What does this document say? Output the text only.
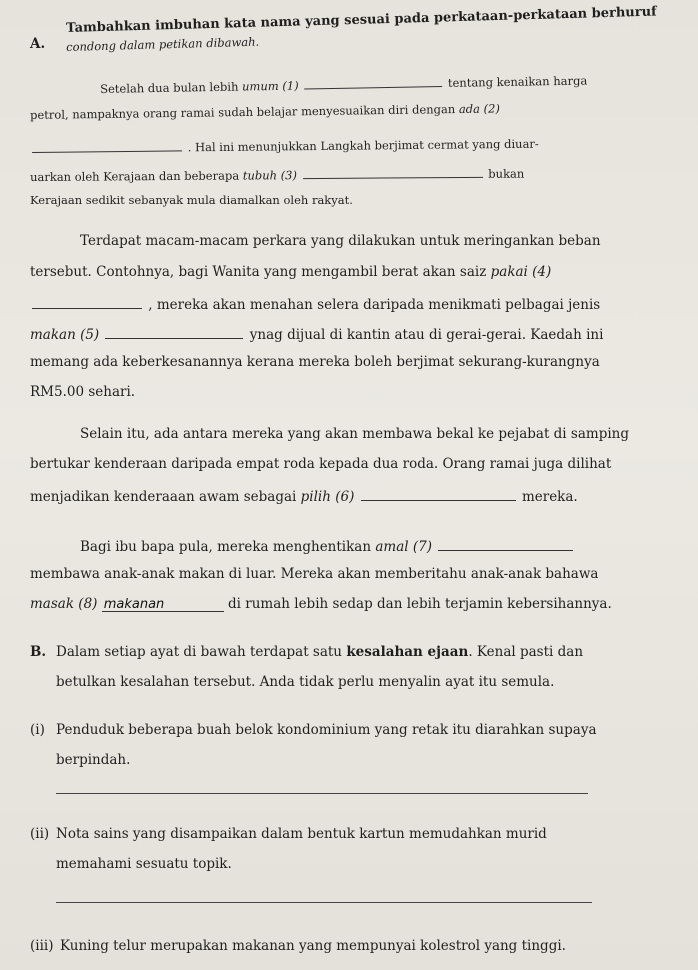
A.
Tambahkan imbuhan kata nama yang sesuai pada perkataan-perkataan berhuruf
condong dalam petikan dibawah.
Setelah dua bulan lebih umum (1)	tentang kenaikan harga
petrol, nampaknya orang ramai sudah belajar menyesuaikan diri dengan ada (2)
. Hal ini menunjukkan Langkah berjimat cermat yang diuar-
uarkan oleh Kerajaan dan beberapa tubuh (3)	bukan
Kerajaan sedikit sebanyak mula diamalkan oleh rakyat.
Terdapat macam-macam perkara yang dilakukan untuk meringankan beban
tersebut. Contohnya, bagi Wanita yang mengambil berat akan saiz pakai (4)
, mereka akan menahan selera daripada menikmati pelbagai jenis
makan (5)	ynag dijual di kantin atau di gerai-gerai. Kaedah ini
memang ada keberkesanannya kerana mereka boleh berjimat sekurang-kurangnya
RM5.00 sehari.
Selain itu, ada antara mereka yang akan membawa bekal ke pejabat di samping
bertukar kenderaan daripada empat roda kepada dua roda. Orang ramai juga dilihat
menjadikan kenderaaan awam sebagai pilih (6)	mereka.
Bagi ibu bapa pula, mereka menghentikan amal (7)
membawa anak-anak makan di luar. Mereka akan memberitahu anak-anak bahawa
masak (8) makanan	di rumah lebih sedap dan lebih terjamin kebersihannya.
B. Dalam setiap ayat di bawah terdapat satu kesalahan ejaan. Kenal pasti dan
betulkan kesalahan tersebut. Anda tidak perlu menyalin ayat itu semula.
(i) Penduduk beberapa buah belok kondominium yang retak itu diarahkan supaya
berpindah.
(ii) Nota sains yang disampaikan dalam bentuk kartun memudahkan murid
memahami sesuatu topik.
(iii) Kuning telur merupakan makanan yang mempunyai kolestrol yang tinggi.
